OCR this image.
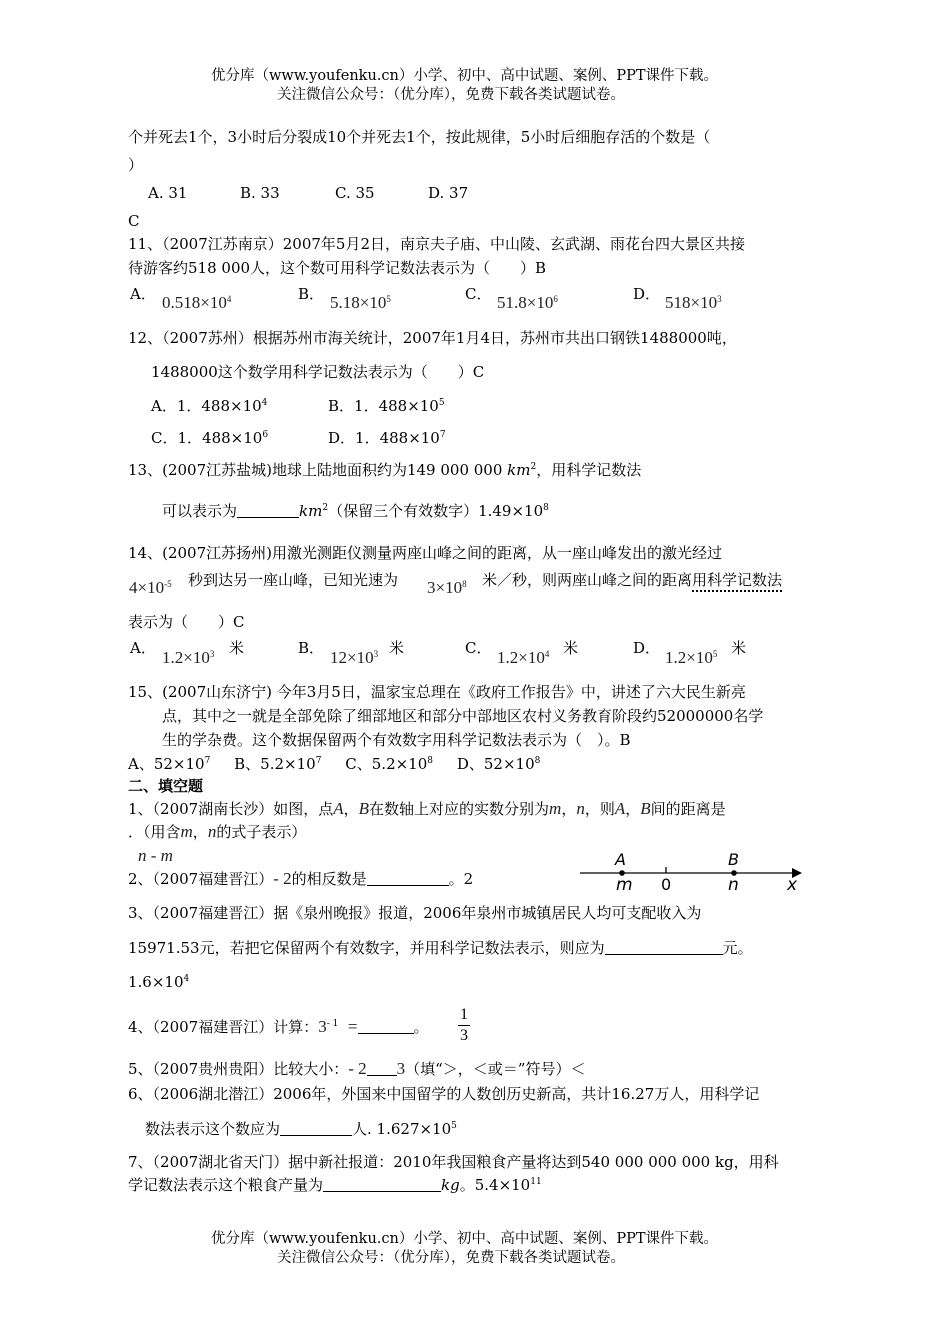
优分库（www.youfenku.cn）小学、初中、高中试题、案例、PPT课件下载。
关注微信公众号：（优分库），免费下载各类试题试卷。
个并死去1个，3小时后分裂成10个并死去1个，按此规律，5小时后细胞存活的个数是（
）
A. 31	B. 33	C. 35	D. 37
C
11、（2007江苏南京）2007年5月2日，南京夫子庙、中山陵、玄武湖、雨花台四大景区共接
待游客约518 000人，这个数可用科学记数法表示为（　　）B
A． $0.518\times 10^4$	B． $5.18\times 10^5$	C． $51.8\times 10^6$	D． $518\times 10^3$
12、（2007苏州）根据苏州市海关统计，2007年1月4日，苏州市共出口钢铁1488000吨，
1488000这个数学用科学记数法表示为（　　）C
A．1．$488\times 10^4$	B．1．$488\times 10^5$
C．1．$488\times 10^6$	D．1．$488\times 10^7$
13、(2007江苏盐城)地球上陆地面积约为149 000 000 $km^2$，用科学记数法
可以表示为	$km^2$（保留三个有效数字）$1.49\times 10^8$
14、(2007江苏扬州)用激光测距仪测量两座山峰之间的距离，从一座山峰发出的激光经过
$4\times 10^{-5}$ 秒到达另一座山峰，已知光速为 $3\times 10^8$ 米／秒，则两座山峰之间的距离用科学记数法
表示为（　　）C
A． $1.2\times 10^3$ 米	B． $12\times 10^3$ 米	C． $1.2\times 10^4$ 米	D． $1.2\times 10^5$ 米
15、(2007山东济宁) 今年3月5日，温家宝总理在《政府工作报告》中，讲述了六大民生新亮
点，其中之一就是全部免除了细部地区和部分中部地区农村义务教育阶段约52000000名学
生的学杂费。这个数据保留两个有效数字用科学记数法表示为（　）。B
A、$52\times 10^7$ B、$5.2\times 10^7$ C、$5.2\times 10^8$ D、$52\times 10^8$
二、填空题
1、（2007湖南长沙）如图，点A，B在数轴上对应的实数分别为m，n，则A，B间的距离是
．（用含m，n的式子表示）
n - m	A	B
m 0	n	x
2、（2007福建晋江）- 2的相反数是	。2
3、（2007福建晋江）据《泉州晚报》报道，2006年泉州市城镇居民人均可支配收入为
15971.53元，若把它保留两个有效数字，并用科学记数法表示，则应为	元。
$1.6\times 10^4$
4、（2007福建晋江）计算：$3^{- 1}$ =	。
1
3
5、（2007贵州贵阳）比较大小：- 2 3（填“＞，＜或＝”符号）＜
6、（2006湖北潜江）2006年，外国来中国留学的人数创历史新高，共计16.27万人，用科学记
数法表示这个数应为	人. $1.627\times 10^5$
7、（2007湖北省天门）据中新社报道：2010年我国粮食产量将达到540 000 000 000 kg，用科
学记数法表示这个粮食产量为	kg。$5.4\times 10^{11}$
优分库（www.youfenku.cn）小学、初中、高中试题、案例、PPT课件下载。
关注微信公众号：（优分库），免费下载各类试题试卷。
